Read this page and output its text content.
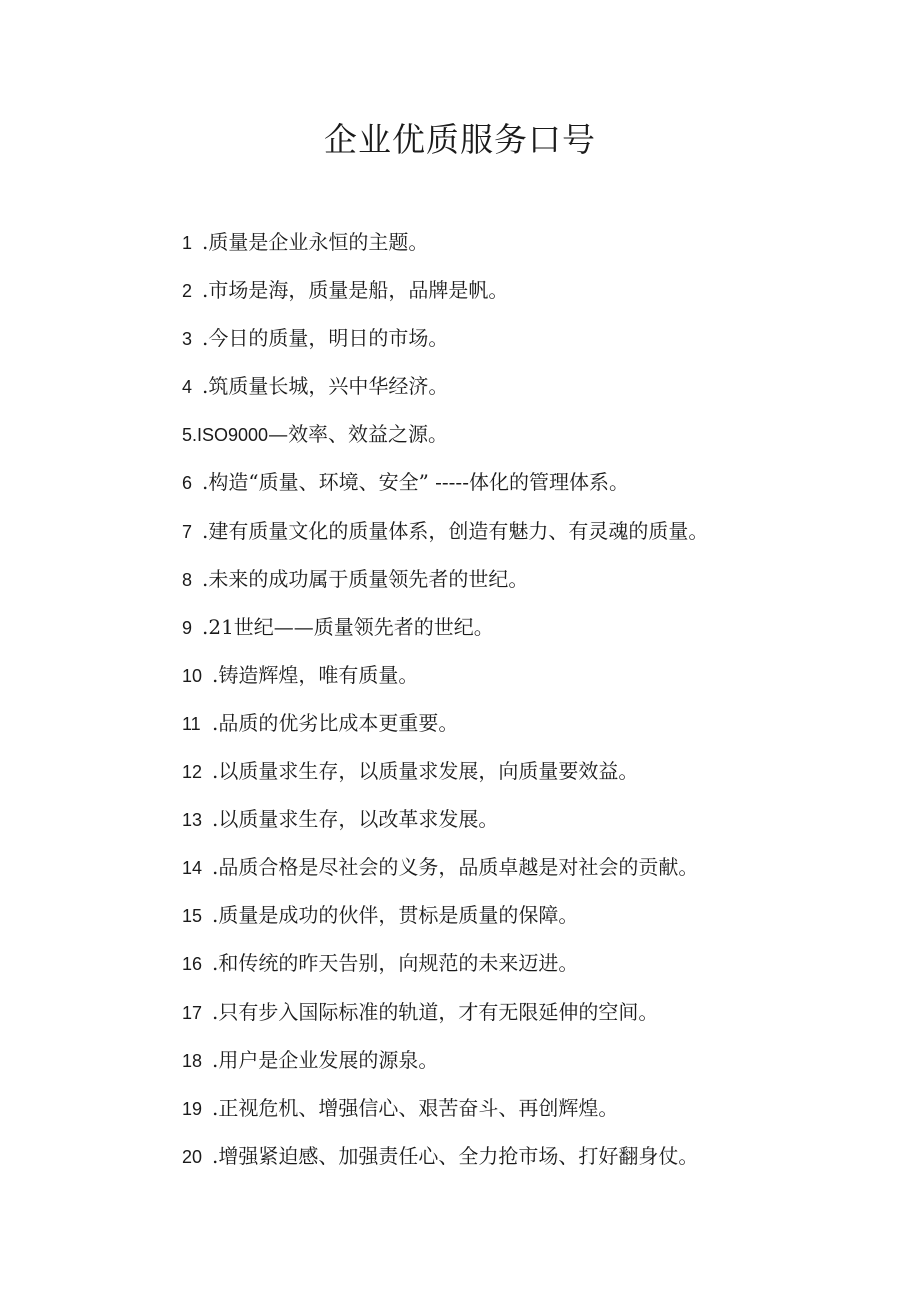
企业优质服务口号
1 .质量是企业永恒的主题。
2 .市场是海，质量是船，品牌是帆。
3 .今日的质量，明日的市场。
4 .筑质量长城，兴中华经济。
5.ISO9000—效率、效益之源。
6 .构造“质量、环境、安全” -----体化的管理体系。
7 .建有质量文化的质量体系，创造有魅力、有灵魂的质量。
8 .未来的成功属于质量领先者的世纪。
9 .21世纪——质量领先者的世纪。
10 .铸造辉煌，唯有质量。
11 .品质的优劣比成本更重要。
12 .以质量求生存，以质量求发展，向质量要效益。
13 .以质量求生存，以改革求发展。
14 .品质合格是尽社会的义务，品质卓越是对社会的贡献。
15 .质量是成功的伙伴，贯标是质量的保障。
16 .和传统的昨天告别，向规范的未来迈进。
17 .只有步入国际标准的轨道，才有无限延伸的空间。
18 .用户是企业发展的源泉。
19 .正视危机、增强信心、艰苦奋斗、再创辉煌。
20 .增强紧迫感、加强责任心、全力抢市场、打好翻身仗。
